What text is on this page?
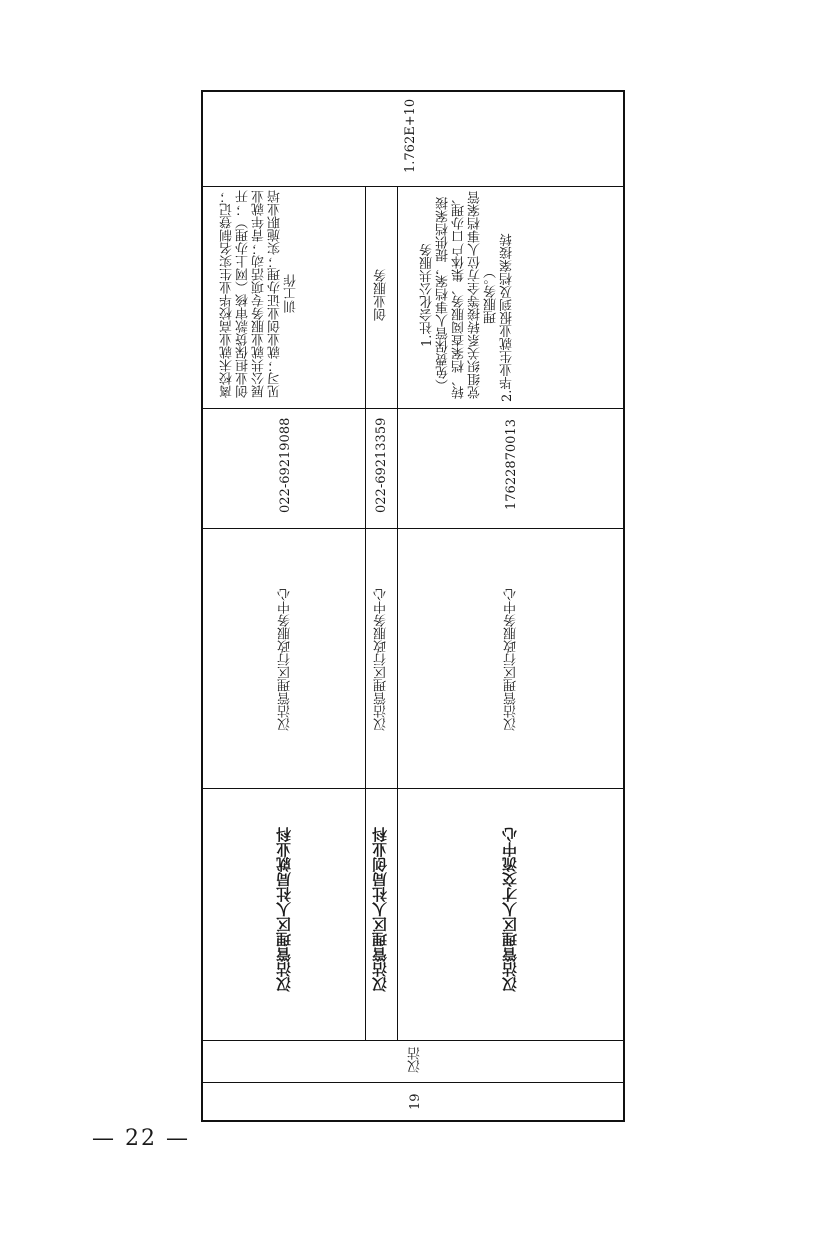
1.762E+10
汉沽管理区人社局就业科
汉沽管理区行政服务中心
022-69219088
离校未就业高校毕业生实名制登记；创业担保贷款审核（网上办理）；开展公共就业服务专项活动；青年就业见习；就业创业证办理；实施职业培训工作
汉沽管理区人社局创业科
汉沽管理区行政服务中心
022-69213359
创业服务
汉沽管理区人才交流中心
汉沽管理区行政服务中心
17622870013
1.社会化公共服务 （免费保管人事档案，提供档案接转、档案查阅服务、集体户口办理、党组织关系转接等全方位人事档案管理服务。） 2.毕业生就业报到及档案接转
汉沽
19
— 22 —
